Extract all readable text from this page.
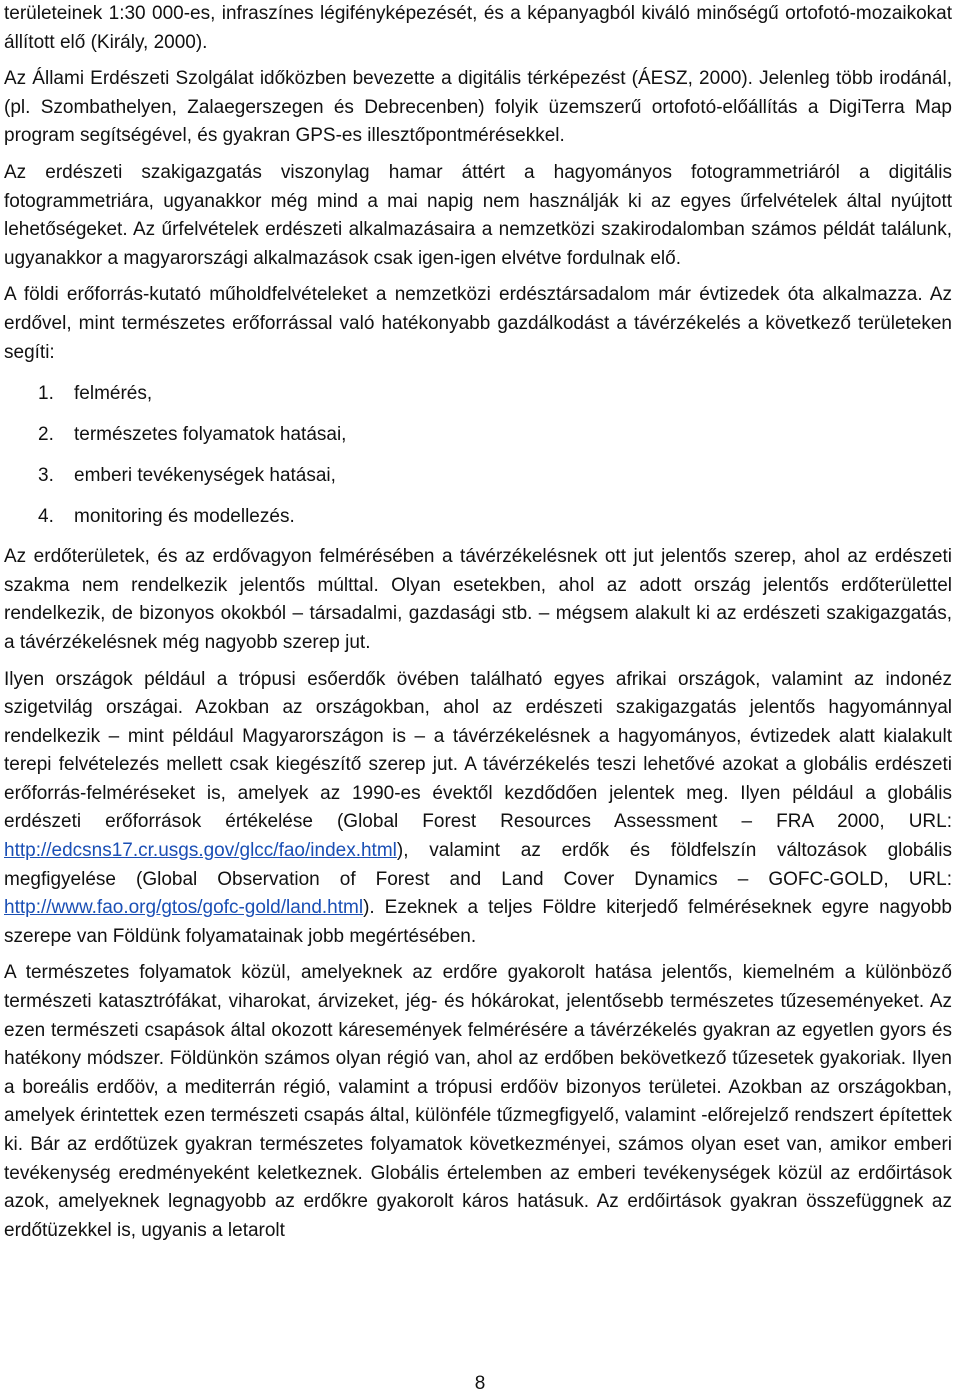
területeinek 1:30 000-es, infraszínes légifényképezését, és a képanyagból kiváló minőségű ortofotó-mozaikokat állított elő (Király, 2000).

Az Állami Erdészeti Szolgálat időközben bevezette a digitális térképezést (ÁESZ, 2000). Jelenleg több irodánál, (pl. Szombathelyen, Zalaegerszegen és Debrecenben) folyik üzemszerű ortofotó-előállítás a DigiTerra Map program segítségével, és gyakran GPS-es illesztőpontmérésekkel.

Az erdészeti szakigazgatás viszonylag hamar áttért a hagyományos fotogrammetriáról a digitális fotogrammetriára, ugyanakkor még mind a mai napig nem használják ki az egyes űrfelvételek által nyújtott lehetőségeket. Az űrfelvételek erdészeti alkalmazásaira a nemzetközi szakirodalomban számos példát találunk, ugyanakkor a magyarországi alkalmazások csak igen-igen elvétve fordulnak elő.

A földi erőforrás-kutató műholdfelvételeket a nemzetközi erdésztársadalom már évtizedek óta alkalmazza. Az erdővel, mint természetes erőforrással való hatékonyabb gazdálkodást a távérzékelés a következő területeken segíti:

1. felmérés,
2. természetes folyamatok hatásai,
3. emberi tevékenységek hatásai,
4. monitoring és modellezés.

Az erdőterületek, és az erdővagyon felmérésében a távérzékelésnek ott jut jelentős szerep, ahol az erdészeti szakma nem rendelkezik jelentős múlttal. Olyan esetekben, ahol az adott ország jelentős erdőterülettel rendelkezik, de bizonyos okokból – társadalmi, gazdasági stb. – mégsem alakult ki az erdészeti szakigazgatás, a távérzékelésnek még nagyobb szerep jut.

Ilyen országok például a trópusi esőerdők övében található egyes afrikai országok, valamint az indonéz szigetvilág országai. Azokban az országokban, ahol az erdészeti szakigazgatás jelentős hagyománnyal rendelkezik – mint például Magyarországon is – a távérzékelésnek a hagyományos, évtizedek alatt kialakult terepi felvételezés mellett csak kiegészítő szerep jut. A távérzékelés teszi lehetővé azokat a globális erdészeti erőforrás-felméréseket is, amelyek az 1990-es évektől kezdődően jelentek meg. Ilyen például a globális erdészeti erőforrások értékelése (Global Forest Resources Assessment – FRA 2000, URL: http://edcsns17.cr.usgs.gov/glcc/fao/index.html), valamint az erdők és földfelszín változások globális megfigyelése (Global Observation of Forest and Land Cover Dynamics – GOFC-GOLD, URL: http://www.fao.org/gtos/gofc-gold/land.html). Ezeknek a teljes Földre kiterjedő felméréseknek egyre nagyobb szerepe van Földünk folyamatainak jobb megértésében.

A természetes folyamatok közül, amelyeknek az erdőre gyakorolt hatása jelentős, kiemelném a különböző természeti katasztrófákat, viharokat, árvizeket, jég- és hókárokat, jelentősebb természetes tűzeseményeket. Az ezen természeti csapások által okozott káresemények felmérésére a távérzékelés gyakran az egyetlen gyors és hatékony módszer. Földünkön számos olyan régió van, ahol az erdőben bekövetkező tűzesetek gyakoriak. Ilyen a boreális erdőöv, a mediterrán régió, valamint a trópusi erdőöv bizonyos területei. Azokban az országokban, amelyek érintettek ezen természeti csapás által, különféle tűzmegfigyelő, valamint -előrejelző rendszert építettek ki. Bár az erdőtüzek gyakran természetes folyamatok következményei, számos olyan eset van, amikor emberi tevékenység eredményeként keletkeznek. Globális értelemben az emberi tevékenységek közül az erdőirtások azok, amelyeknek legnagyobb az erdőkre gyakorolt káros hatásuk. Az erdőirtások gyakran összefüggnek az erdőtüzekkel is, ugyanis a letarolt

8
